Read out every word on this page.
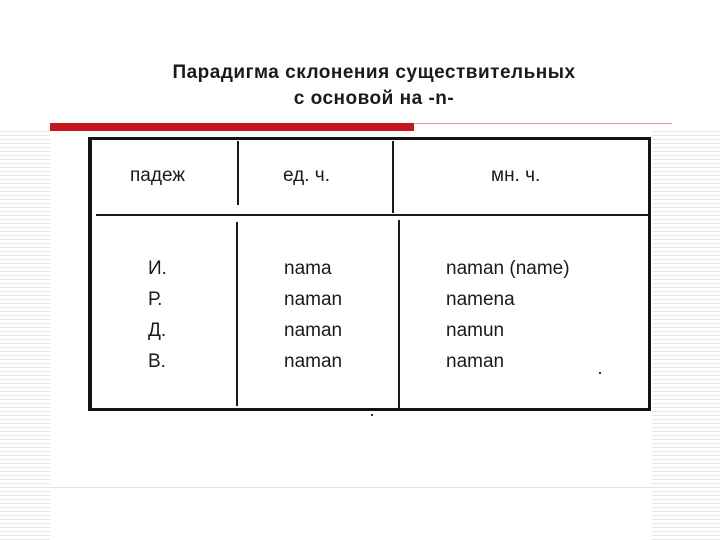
Парадигма склонения существительных
с основой на -n-
падеж	ед. ч.	мн. ч.
И.
Р.
Д.
В.
nama
naman
naman
naman
naman (name)
namena
namun
naman
